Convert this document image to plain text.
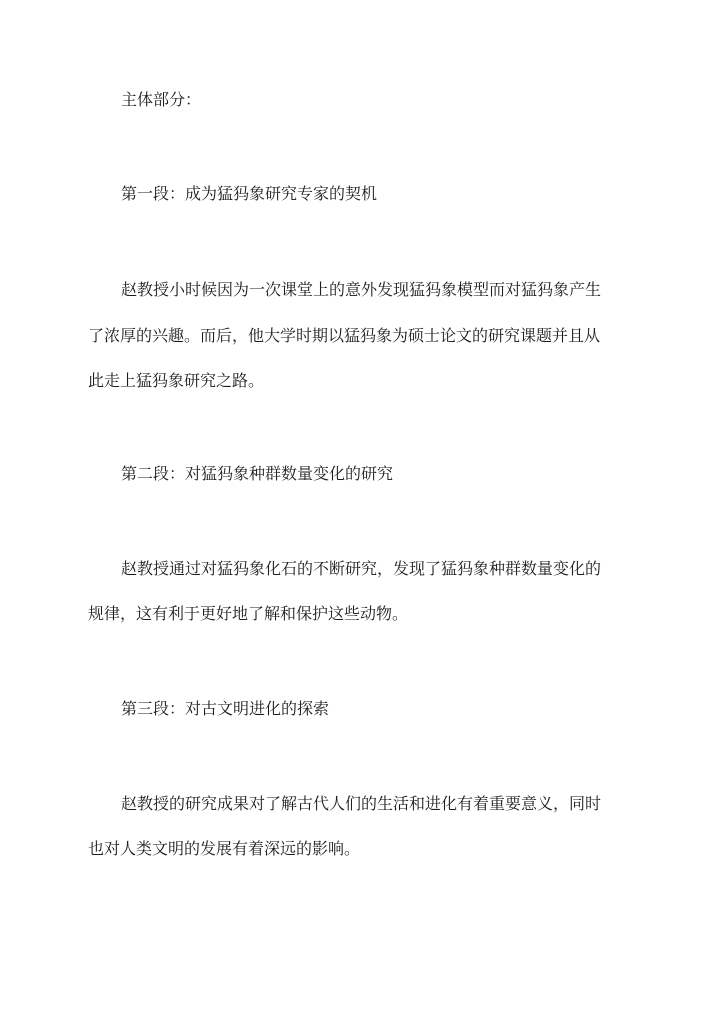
主体部分：
第一段：成为猛犸象研究专家的契机
赵教授小时候因为一次课堂上的意外发现猛犸象模型而对猛犸象产生
了浓厚的兴趣。而后，他大学时期以猛犸象为硕士论文的研究课题并且从
此走上猛犸象研究之路。
第二段：对猛犸象种群数量变化的研究
赵教授通过对猛犸象化石的不断研究，发现了猛犸象种群数量变化的
规律，这有利于更好地了解和保护这些动物。
第三段：对古文明进化的探索
赵教授的研究成果对了解古代人们的生活和进化有着重要意义，同时
也对人类文明的发展有着深远的影响。
